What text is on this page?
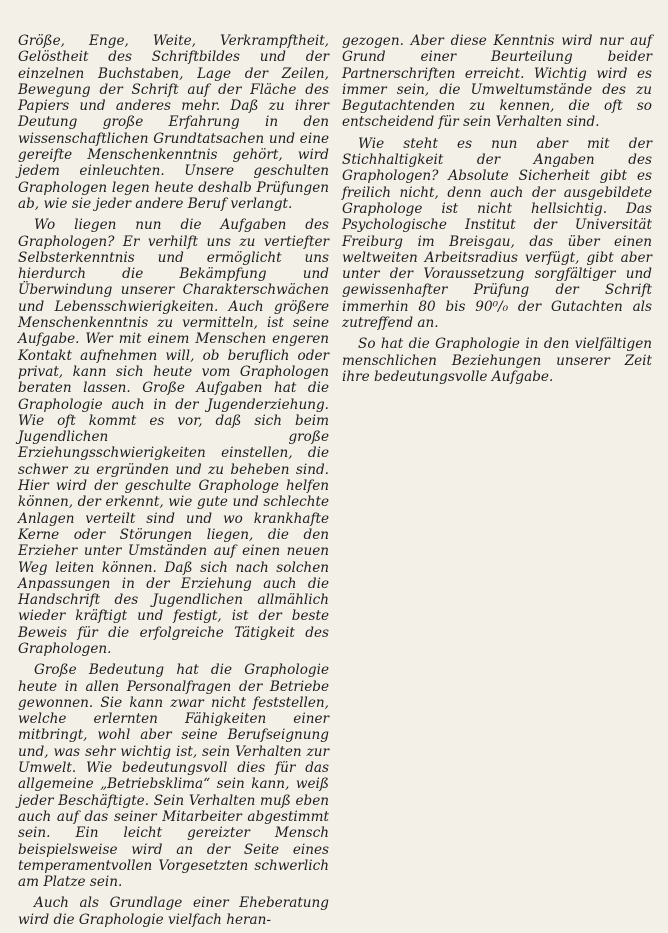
Größe, Enge, Weite, Verkrampftheit, Gelöstheit des Schriftbildes und der einzelnen Buchstaben, Lage der Zeilen, Bewegung der Schrift auf der Fläche des Papiers und anderes mehr. Daß zu ihrer Deutung große Erfahrung in den wissenschaftlichen Grundtatsachen und eine gereifte Menschenkenntnis gehört, wird jedem einleuchten. Unsere geschulten Graphologen legen heute deshalb Prüfungen ab, wie sie jeder andere Beruf verlangt.

Wo liegen nun die Aufgaben des Graphologen? Er verhilft uns zu vertiefter Selbsterkenntnis und ermöglicht uns hierdurch die Bekämpfung und Überwindung unserer Charakterschwächen und Lebensschwierigkeiten. Auch größere Menschenkenntnis zu vermitteln, ist seine Aufgabe. Wer mit einem Menschen engeren Kontakt aufnehmen will, ob beruflich oder privat, kann sich heute vom Graphologen beraten lassen. Große Aufgaben hat die Graphologie auch in der Jugenderziehung. Wie oft kommt es vor, daß sich beim Jugendlichen große Erziehungsschwierigkeiten einstellen, die schwer zu ergründen und zu beheben sind. Hier wird der geschulte Graphologe helfen können, der erkennt, wie gute und schlechte Anlagen verteilt sind und wo krankhafte Kerne oder Störungen liegen, die den Erzieher unter Umständen auf einen neuen Weg leiten können. Daß sich nach solchen Anpassungen in der Erziehung auch die Handschrift des Jugendlichen allmählich wieder kräftigt und festigt, ist der beste Beweis für die erfolgreiche Tätigkeit des Graphologen.

Große Bedeutung hat die Graphologie heute in allen Personalfragen der Betriebe gewonnen. Sie kann zwar nicht feststellen, welche erlernten Fähigkeiten einer mitbringt, wohl aber seine Berufseignung und, was sehr wichtig ist, sein Verhalten zur Umwelt. Wie bedeutungsvoll dies für das allgemeine „Betriebsklima“ sein kann, weiß jeder Beschäftigte. Sein Verhalten muß eben auch auf das seiner Mitarbeiter abgestimmt sein. Ein leicht gereizter Mensch beispielsweise wird an der Seite eines temperamentvollen Vorgesetzten schwerlich am Platze sein.

Auch als Grundlage einer Eheberatung wird die Graphologie vielfach heran-

gezogen. Aber diese Kenntnis wird nur auf Grund einer Beurteilung beider Partnerschriften erreicht. Wichtig wird es immer sein, die Umweltumstände des zu Begutachtenden zu kennen, die oft so entscheidend für sein Verhalten sind.

Wie steht es nun aber mit der Stichhaltigkeit der Angaben des Graphologen? Absolute Sicherheit gibt es freilich nicht, denn auch der ausgebildete Graphologe ist nicht hellsichtig. Das Psychologische Institut der Universität Freiburg im Breisgau, das über einen weltweiten Arbeitsradius verfügt, gibt aber unter der Voraussetzung sorgfältiger und gewissenhafter Prüfung der Schrift immerhin 80 bis 90⁰/₀ der Gutachten als zutreffend an.

So hat die Graphologie in den vielfältigen menschlichen Beziehungen unserer Zeit ihre bedeutungsvolle Aufgabe.
